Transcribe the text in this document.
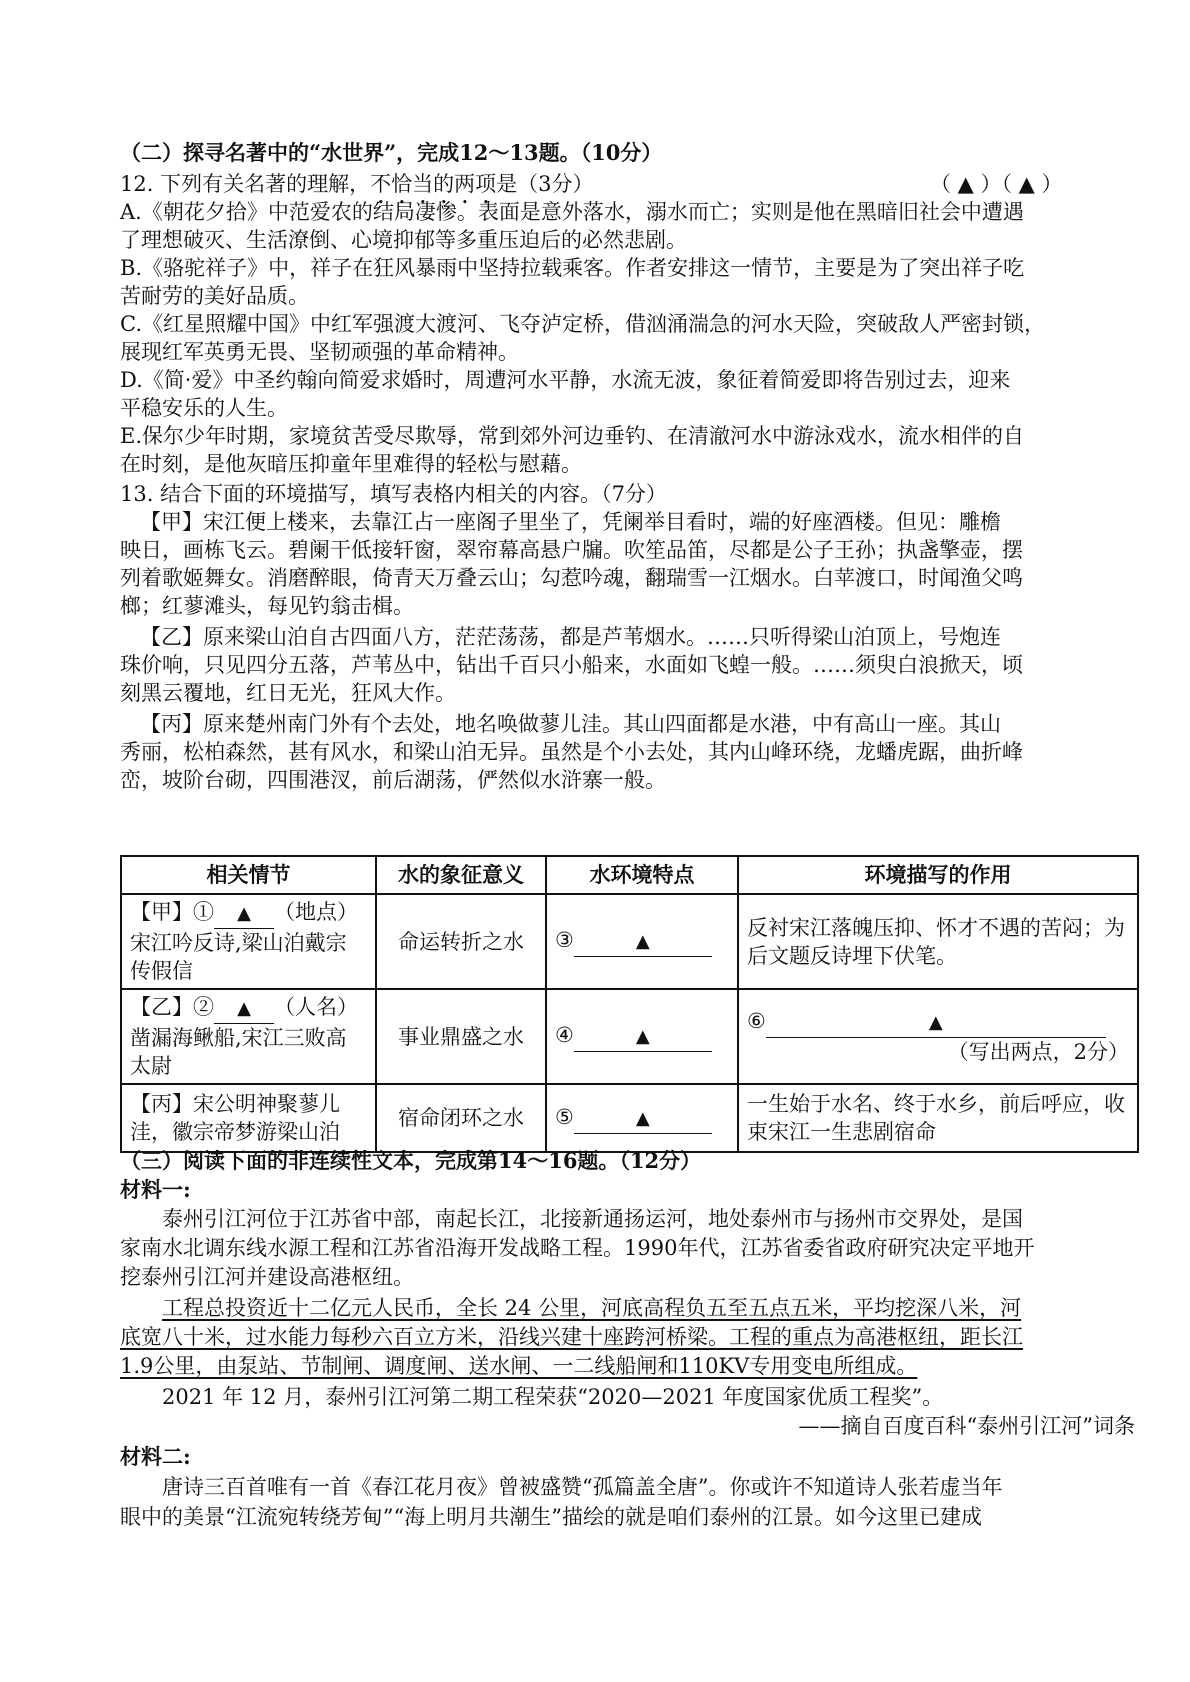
（二）探寻名著中的“水世界”，完成12～13题。（10分）
12. 下列有关名著的理解，不恰当的两项是（3分）	（ ▲ ）（ ▲ ）
A.《朝花夕拾》中范爱农的结局凄惨。表面是意外落水，溺水而亡；实则是他在黑暗旧社会中遭遇
了理想破灭、生活潦倒、心境抑郁等多重压迫后的必然悲剧。
B.《骆驼祥子》中，祥子在狂风暴雨中坚持拉载乘客。作者安排这一情节，主要是为了突出祥子吃
苦耐劳的美好品质。
C.《红星照耀中国》中红军强渡大渡河、飞夺泸定桥，借汹涌湍急的河水天险，突破敌人严密封锁，
展现红军英勇无畏、坚韧顽强的革命精神。
D.《简·爱》中圣约翰向简爱求婚时，周遭河水平静，水流无波，象征着简爱即将告别过去，迎来
平稳安乐的人生。
E.保尔少年时期，家境贫苦受尽欺辱，常到郊外河边垂钓、在清澈河水中游泳戏水，流水相伴的自
在时刻，是他灰暗压抑童年里难得的轻松与慰藉。
13. 结合下面的环境描写，填写表格内相关的内容。（7分）
【甲】宋江便上楼来，去靠江占一座阁子里坐了，凭阑举目看时，端的好座酒楼。但见：雕檐
映日，画栋飞云。碧阑干低接轩窗，翠帘幕高悬户牖。吹笙品笛，尽都是公子王孙；执盏擎壶，摆
列着歌姬舞女。消磨醉眼，倚青天万叠云山；勾惹吟魂，翻瑞雪一江烟水。白苹渡口，时闻渔父鸣
榔；红蓼滩头，每见钓翁击楫。
【乙】原来梁山泊自古四面八方，茫茫荡荡，都是芦苇烟水。……只听得梁山泊顶上，号炮连
珠价响，只见四分五落，芦苇丛中，钻出千百只小船来，水面如飞蝗一般。……须臾白浪掀天，顷
刻黑云覆地，红日无光，狂风大作。
【丙】原来楚州南门外有个去处，地名唤做蓼儿洼。其山四面都是水港，中有高山一座。其山
秀丽，松柏森然，甚有风水，和梁山泊无异。虽然是个小去处，其内山峰环绕，龙蟠虎踞，曲折峰
峦，坡阶台砌，四围港汊，前后湖荡，俨然似水浒寨一般。
相关情节	水的象征意义	水环境特点	环境描写的作用
【甲】① ▲ （地点）
宋江吟反诗,梁山泊戴宗传假信	命运转折之水	③ ▲	反衬宋江落魄压抑、怀才不遇的苦闷；为后文题反诗埋下伏笔。
【乙】② ▲ （人名）
凿漏海鳅船,宋江三败高太尉	事业鼎盛之水	④ ▲	⑥ ▲

（写出两点，2分）

【丙】宋公明神聚蓼儿洼，徽宗帝梦游梁山泊	宿命闭环之水	⑤ ▲	一生始于水名、终于水乡，前后呼应，收束宋江一生悲剧宿命
（三）阅读下面的非连续性文本，完成第14～16题。（12分）
材料一:
泰州引江河位于江苏省中部，南起长江，北接新通扬运河，地处泰州市与扬州市交界处，是国
家南水北调东线水源工程和江苏省沿海开发战略工程。1990年代，江苏省委省政府研究决定平地开
挖泰州引江河并建设高港枢纽。
工程总投资近十二亿元人民币，全长 24 公里，河底高程负五至五点五米，平均挖深八米，河
底宽八十米，过水能力每秒六百立方米，沿线兴建十座跨河桥梁。工程的重点为高港枢纽，距长江
1.9公里，由泵站、节制闸、调度闸、送水闸、一二线船闸和110KV专用变电所组成。
2021 年 12 月，泰州引江河第二期工程荣获“2020—2021 年度国家优质工程奖”。
——摘自百度百科“泰州引江河”词条
材料二:
唐诗三百首唯有一首《春江花月夜》曾被盛赞“孤篇盖全唐”。你或许不知道诗人张若虚当年
眼中的美景“江流宛转绕芳甸”“海上明月共潮生”描绘的就是咱们泰州的江景。如今这里已建成
